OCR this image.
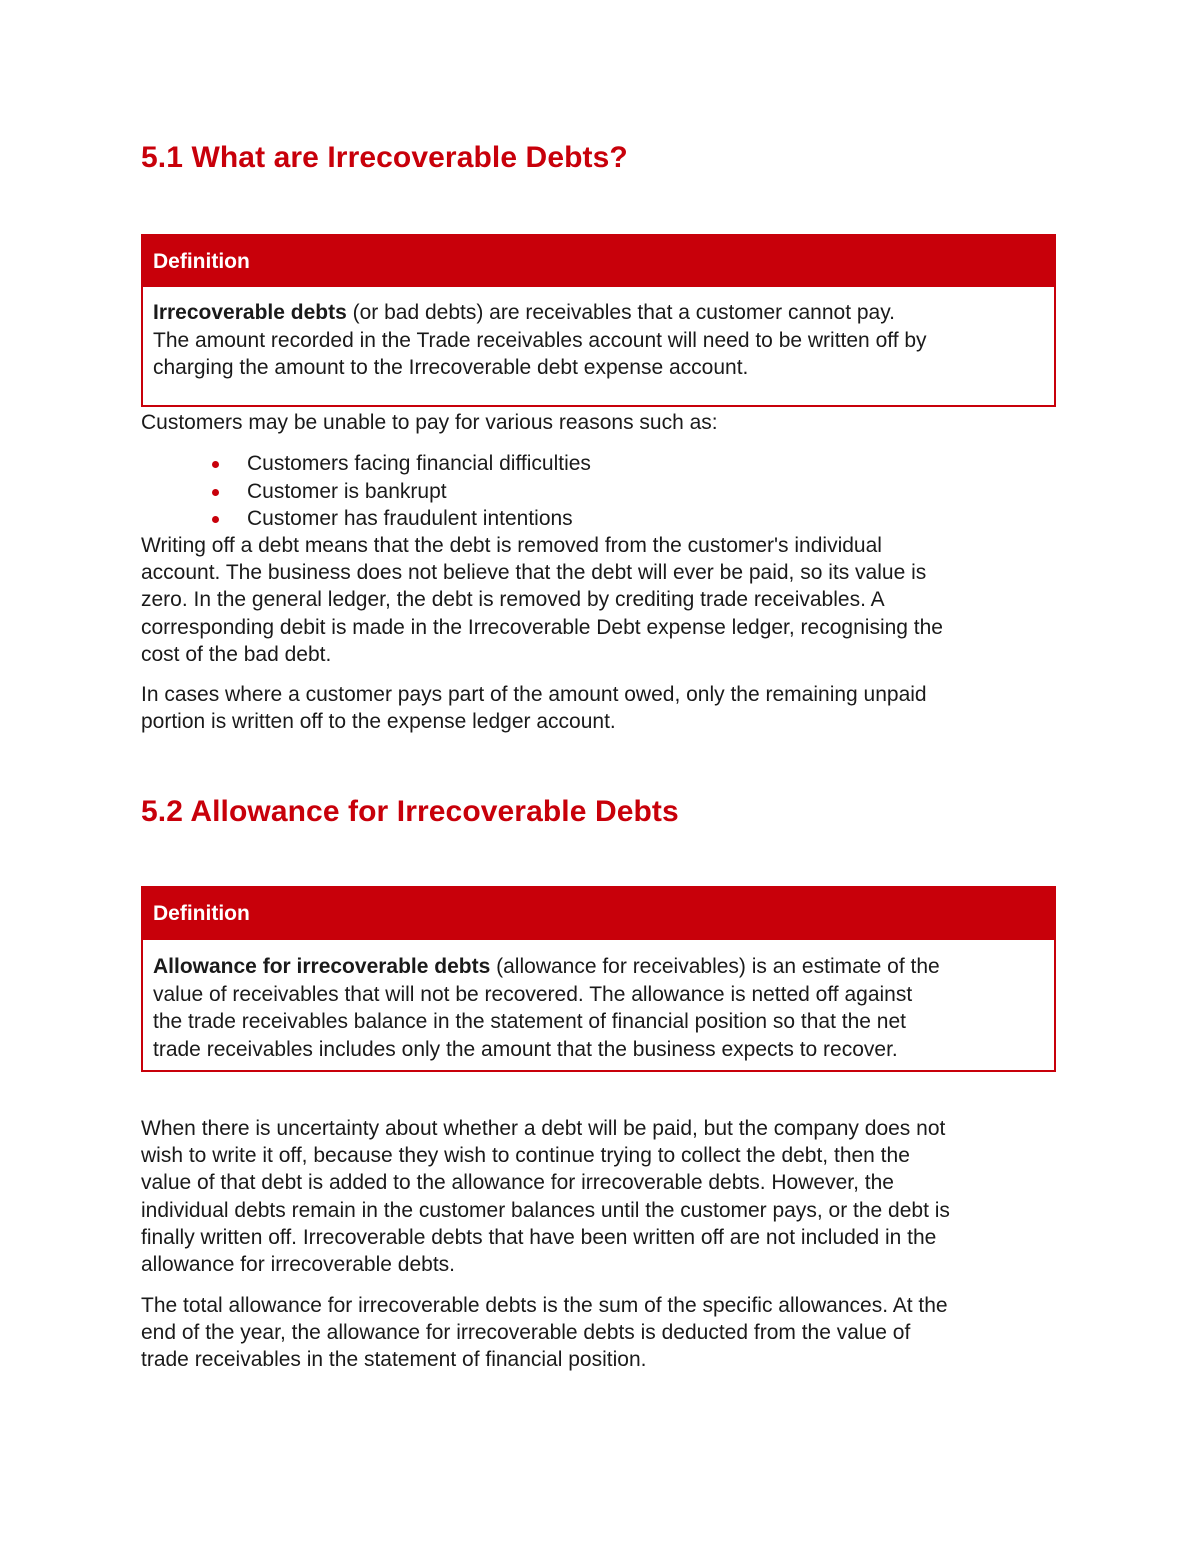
5.1 What are Irrecoverable Debts?
Definition
Irrecoverable debts (or bad debts) are receivables that a customer cannot pay.
The amount recorded in the Trade receivables account will need to be written off by
charging the amount to the Irrecoverable debt expense account.

Customers may be unable to pay for various reasons such as:

Customers facing financial difficulties
Customer is bankrupt
Customer has fraudulent intentions

Writing off a debt means that the debt is removed from the customer's individual
account. The business does not believe that the debt will ever be paid, so its value is
zero. In the general ledger, the debt is removed by crediting trade receivables. A
corresponding debit is made in the Irrecoverable Debt expense ledger, recognising the
cost of the bad debt.

In cases where a customer pays part of the amount owed, only the remaining unpaid
portion is written off to the expense ledger account.

5.2 Allowance for Irrecoverable Debts
Definition
Allowance for irrecoverable debts (allowance for receivables) is an estimate of the
value of receivables that will not be recovered. The allowance is netted off against
the trade receivables balance in the statement of financial position so that the net
trade receivables includes only the amount that the business expects to recover.

When there is uncertainty about whether a debt will be paid, but the company does not
wish to write it off, because they wish to continue trying to collect the debt, then the
value of that debt is added to the allowance for irrecoverable debts. However, the
individual debts remain in the customer balances until the customer pays, or the debt is
finally written off. Irrecoverable debts that have been written off are not included in the
allowance for irrecoverable debts.

The total allowance for irrecoverable debts is the sum of the specific allowances. At the
end of the year, the allowance for irrecoverable debts is deducted from the value of
trade receivables in the statement of financial position.
